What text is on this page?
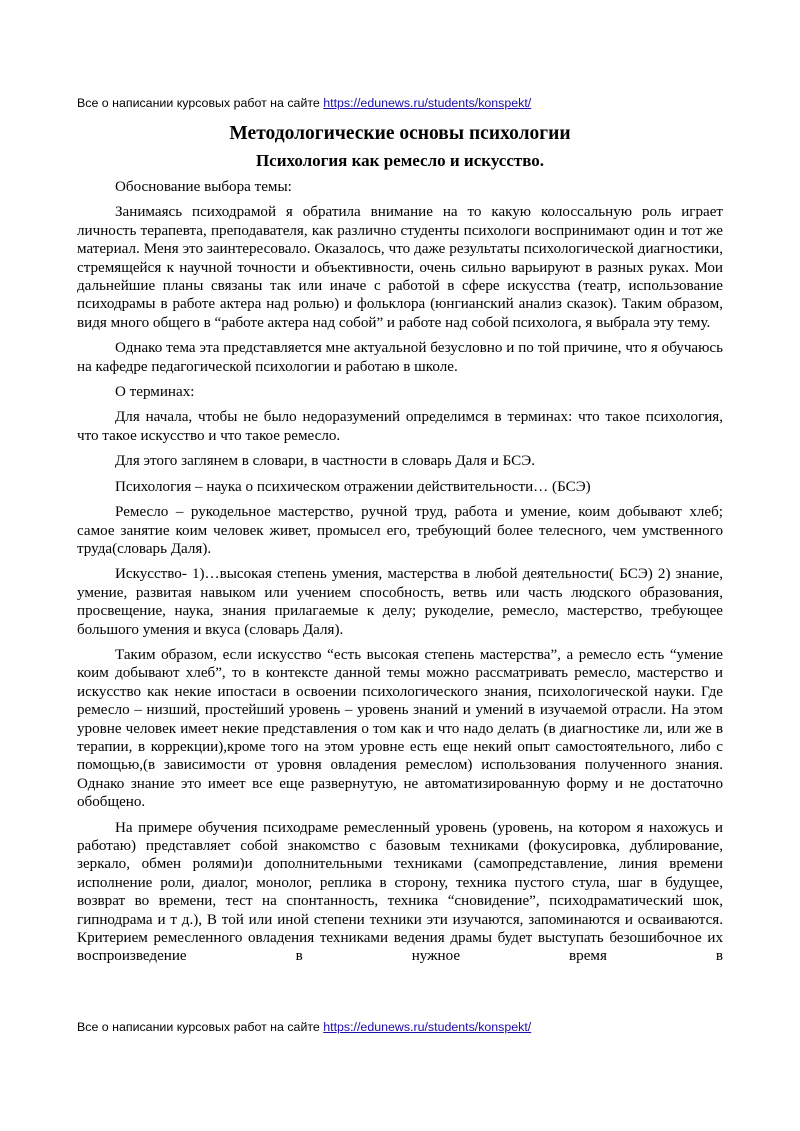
Все о написании курсовых работ на сайте https://edunews.ru/students/konspekt/
Методологические основы психологии
Психология как ремесло и искусство.

Обоснование выбора темы:

Занимаясь психодрамой я обратила внимание на то какую колоссальную роль играет личность терапевта, преподавателя, как различно студенты психологи воспринимают один и тот же материал. Меня это заинтересовало. Оказалось, что даже результаты психологической диагностики, стремящейся к научной точности и объективности, очень сильно варьируют в разных руках. Мои дальнейшие планы связаны так или иначе с работой в сфере искусства (театр, использование психодрамы в работе актера над ролью) и фольклора (юнгианский анализ сказок). Таким образом, видя много общего в “работе актера над собой” и работе над собой психолога, я выбрала эту тему.

Однако тема эта представляется мне актуальной безусловно и по той причине, что я обучаюсь на кафедре педагогической психологии и работаю в школе.

О терминах:

Для начала, чтобы не было недоразумений определимся в терминах: что такое психология, что такое искусство и что такое ремесло.

Для этого заглянем в словари, в частности в словарь Даля и БСЭ.

Психология – наука о психическом отражении действительности… (БСЭ)

Ремесло – рукодельное мастерство, ручной труд, работа и умение, коим добывают хлеб; самое занятие коим человек живет, промысел его, требующий более телесного, чем умственного труда(словарь Даля).

Искусство- 1)…высокая степень умения, мастерства в любой деятельности( БСЭ) 2) знание, умение, развитая навыком или учением способность, ветвь или часть людского образования, просвещение, наука, знания прилагаемые к делу; рукоделие, ремесло, мастерство, требующее большого умения и вкуса (словарь Даля).

Таким образом, если искусство “есть высокая степень мастерства”, а ремесло есть “умение коим добывают хлеб”, то в контексте данной темы можно рассматривать ремесло, мастерство и искусство как некие ипостаси в освоении психологического знания, психологической науки. Где ремесло – низший, простейший уровень – уровень знаний и умений в изучаемой отрасли. На этом уровне человек имеет некие представления о том как и что надо делать (в диагностике ли, или же в терапии, в коррекции),кроме того на этом уровне есть еще некий опыт самостоятельного, либо с помощью,(в зависимости от уровня овладения ремеслом) использования полученного знания. Однако знание это имеет все еще развернутую, не автоматизированную форму и не достаточно обобщено.

На примере обучения психодраме ремесленный уровень (уровень, на котором я нахожусь и работаю) представляет собой знакомство с базовым техниками (фокусировка, дублирование, зеркало, обмен ролями)и дополнительными техниками (самопредставление, линия времени исполнение роли, диалог, монолог, реплика в сторону, техника пустого стула, шаг в будущее, возврат во времени, тест на спонтанность, техника “сновидение”, психодраматический шок, гипнодрама и т д.), В той или иной степени техники эти изучаются, запоминаются и осваиваются. Критерием ремесленного овладения техниками ведения драмы будет выступать безошибочное их воспроизведение в нужное время в

Все о написании курсовых работ на сайте https://edunews.ru/students/konspekt/
